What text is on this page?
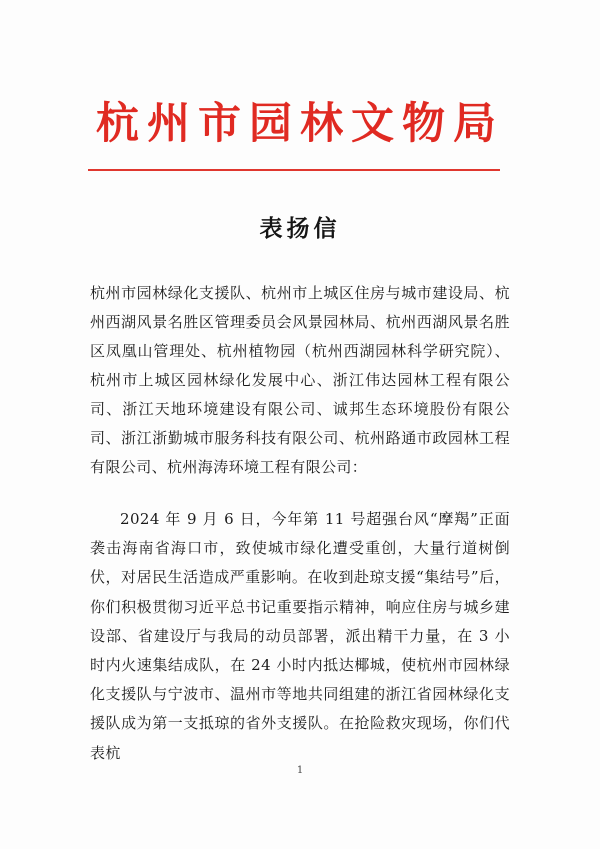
杭州市园林文物局
表扬信

杭州市园林绿化支援队、杭州市上城区住房与城市建设局、杭州西湖风景名胜区管理委员会风景园林局、杭州西湖风景名胜区凤凰山管理处、杭州植物园（杭州西湖园林科学研究院）、杭州市上城区园林绿化发展中心、浙江伟达园林工程有限公司、浙江天地环境建设有限公司、诚邦生态环境股份有限公司、浙江浙勤城市服务科技有限公司、杭州路通市政园林工程有限公司、杭州海涛环境工程有限公司：

2024 年 9 月 6 日，今年第 11 号超强台风“摩羯”正面袭击海南省海口市，致使城市绿化遭受重创，大量行道树倒伏，对居民生活造成严重影响。在收到赴琼支援“集结号”后，你们积极贯彻习近平总书记重要指示精神，响应住房与城乡建设部、省建设厅与我局的动员部署，派出精干力量，在 3 小时内火速集结成队，在 24 小时内抵达椰城，使杭州市园林绿化支援队与宁波市、温州市等地共同组建的浙江省园林绿化支援队成为第一支抵琼的省外支援队。在抢险救灾现场，你们代表杭

1
